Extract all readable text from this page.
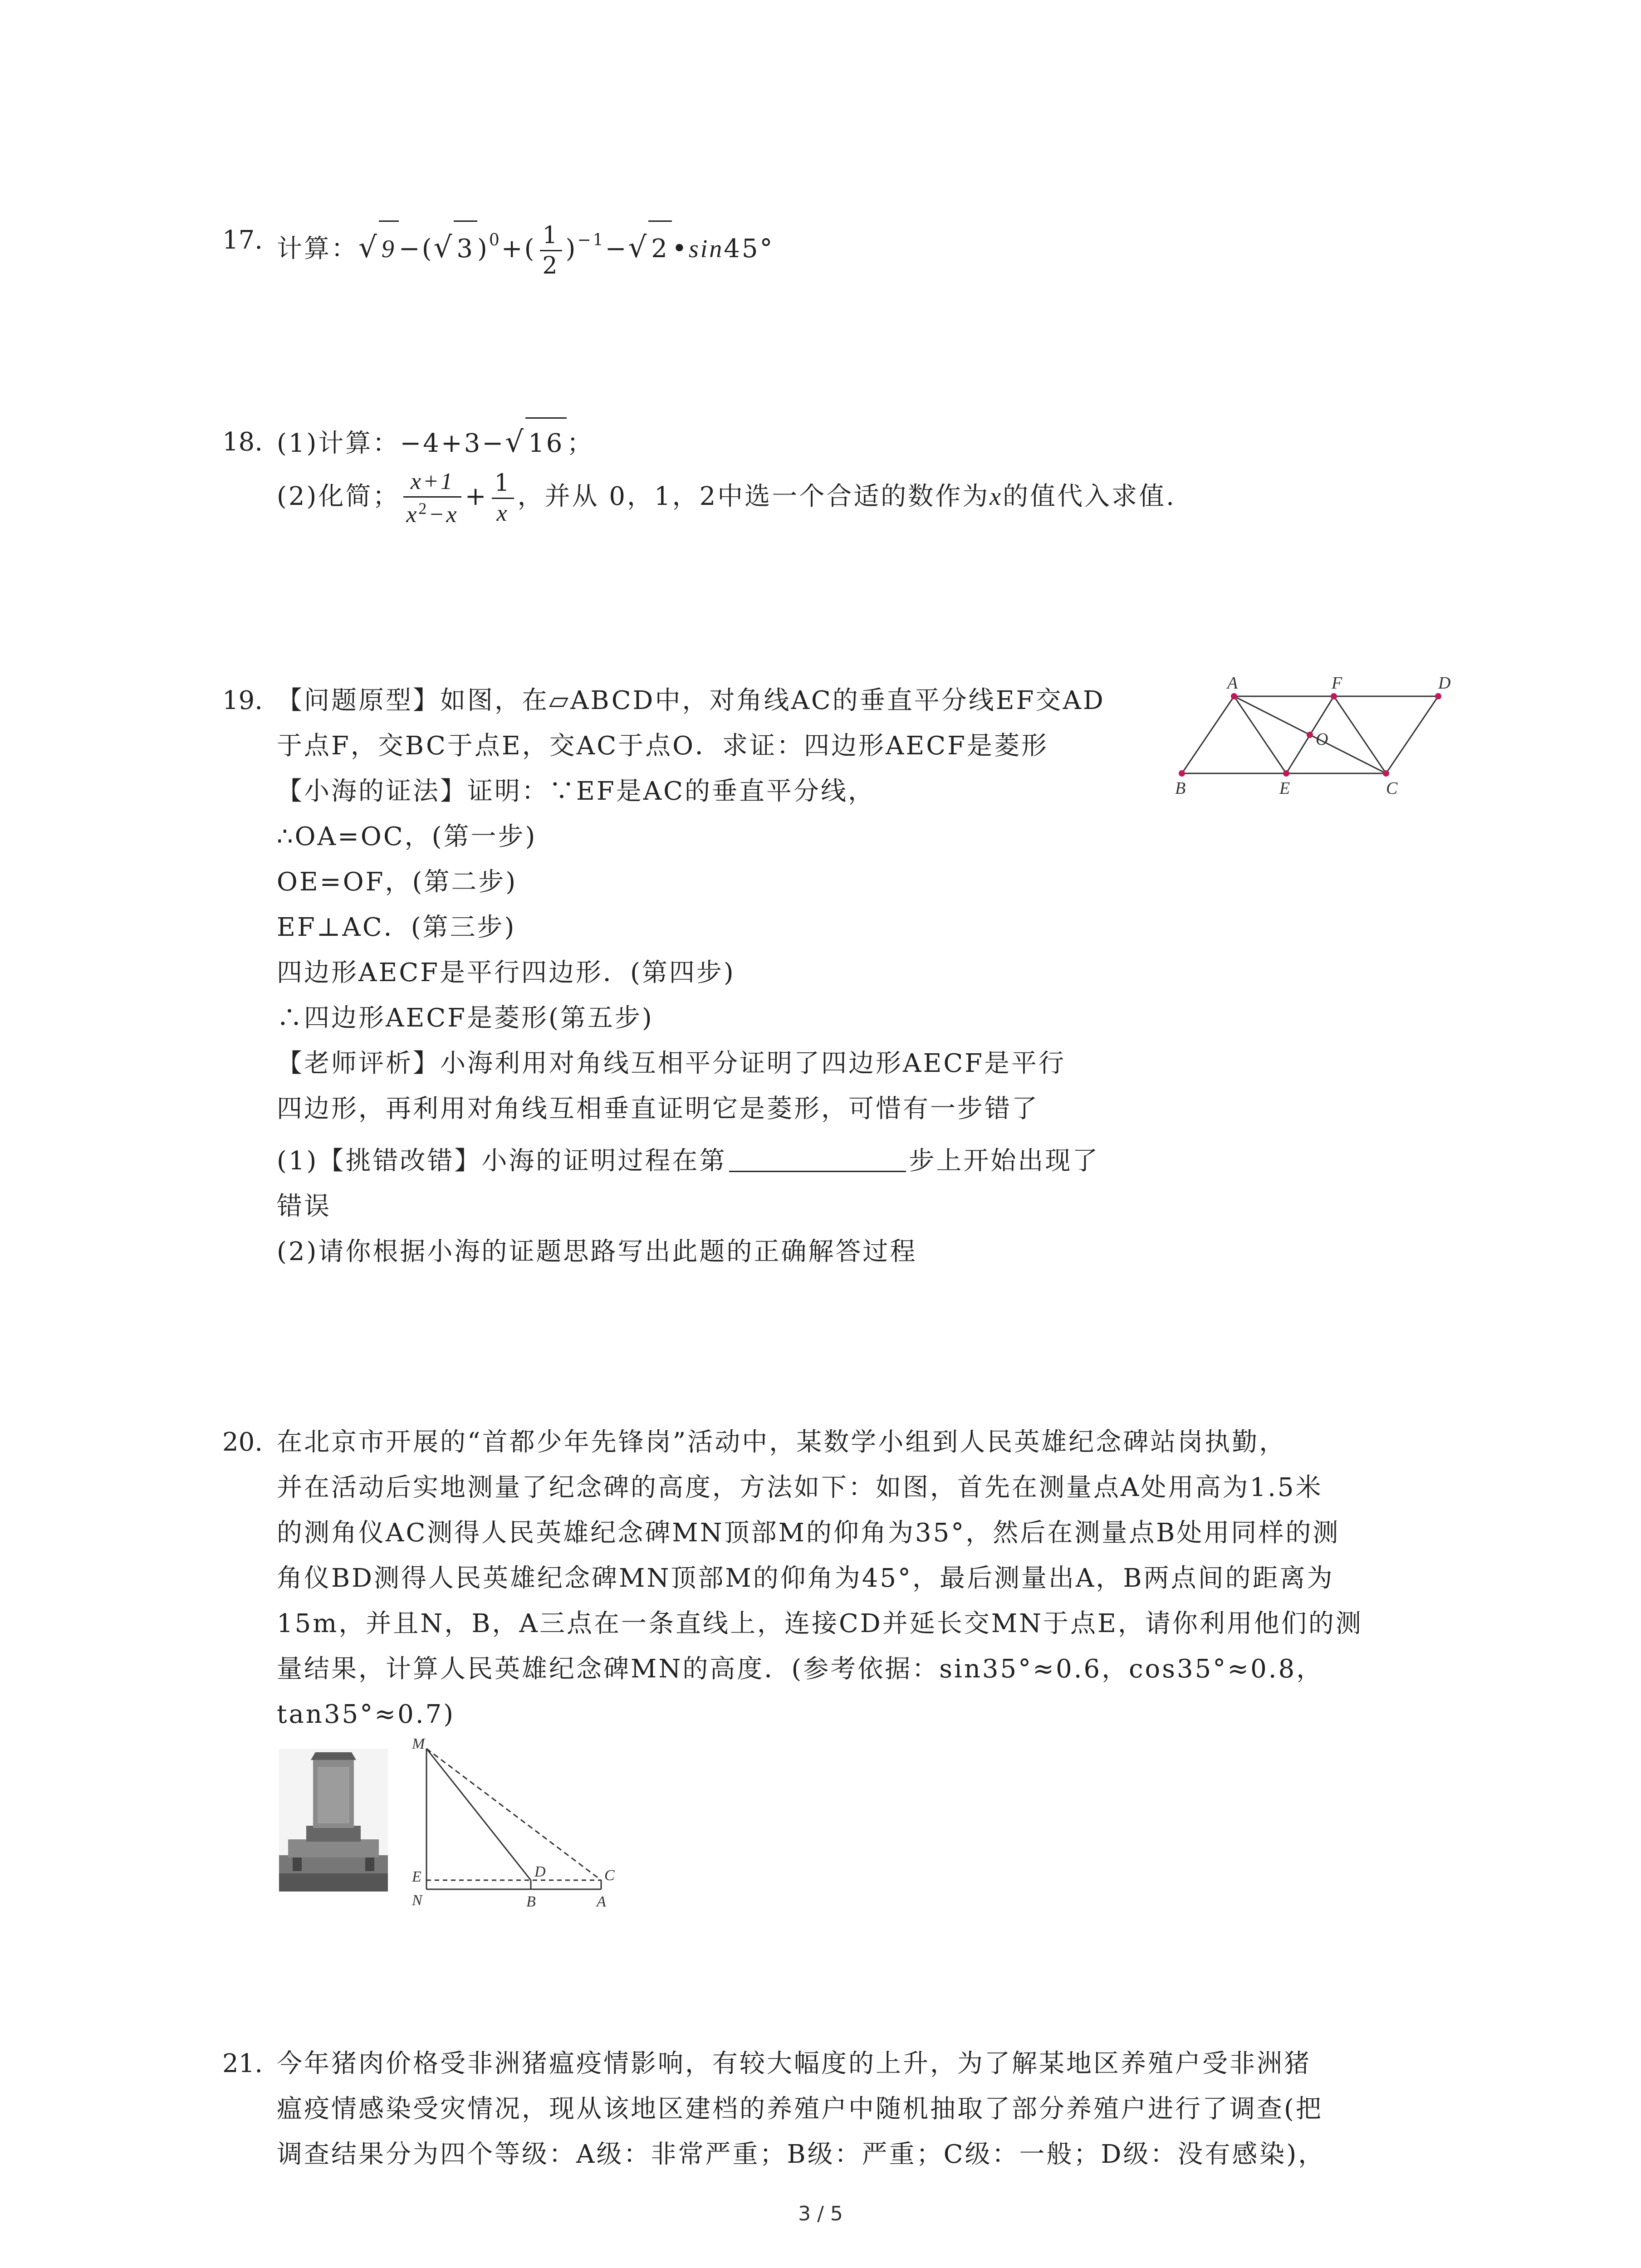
17. 计算：√ 9 −(√ 3 )$^0+( \frac{1}{2} )^{-1}-√$ 2 •sin45°
18. (1)计算：−4+3−√ 16 ；
(2)化简； $\frac{x+1}{x^2-x} + \frac{1}{x}$ ，并从 0，1，2中选一个合适的数作为x的值代入求值.
19. 【问题原型】如图，在▱ABCD中，对角线AC的垂直平分线EF交AD
于点F，交BC于点E，交AC于点O．求证：四边形AECF是菱形
【小海的证法】证明：∵EF是AC的垂直平分线，
∴OA=OC，(第一步)
OE=OF，(第二步)
EF⊥AC．(第三步)
四边形AECF是平行四边形．(第四步)
∴四边形AECF是菱形(第五步)
【老师评析】小海利用对角线互相平分证明了四边形AECF是平行
四边形，再利用对角线互相垂直证明它是菱形，可惜有一步错了
(1)【挑错改错】小海的证明过程在第	步上开始出现了
错误
(2)请你根据小海的证题思路写出此题的正确解答过程
A	F	D
O
B	E	C
20. 在北京市开展的“首都少年先锋岗”活动中，某数学小组到人民英雄纪念碑站岗执勤，
并在活动后实地测量了纪念碑的高度，方法如下：如图，首先在测量点A处用高为1.5米
的测角仪AC测得人民英雄纪念碑MN顶部M的仰角为35°，然后在测量点B处用同样的测
角仪BD测得人民英雄纪念碑MN顶部M的仰角为45°，最后测量出A，B两点间的距离为
15m，并且N，B，A三点在一条直线上，连接CD并延长交MN于点E，请你利用他们的测
量结果，计算人民英雄纪念碑MN的高度．(参考依据：sin35°≈0.6，cos35°≈0.8，
tan35°≈0.7)
M
E
N
D	C
B	A
21. 今年猪肉价格受非洲猪瘟疫情影响，有较大幅度的上升，为了解某地区养殖户受非洲猪
瘟疫情感染受灾情况，现从该地区建档的养殖户中随机抽取了部分养殖户进行了调查(把
调查结果分为四个等级：A级：非常严重；B级：严重；C级：一般；D级：没有感染)，
3 / 5
